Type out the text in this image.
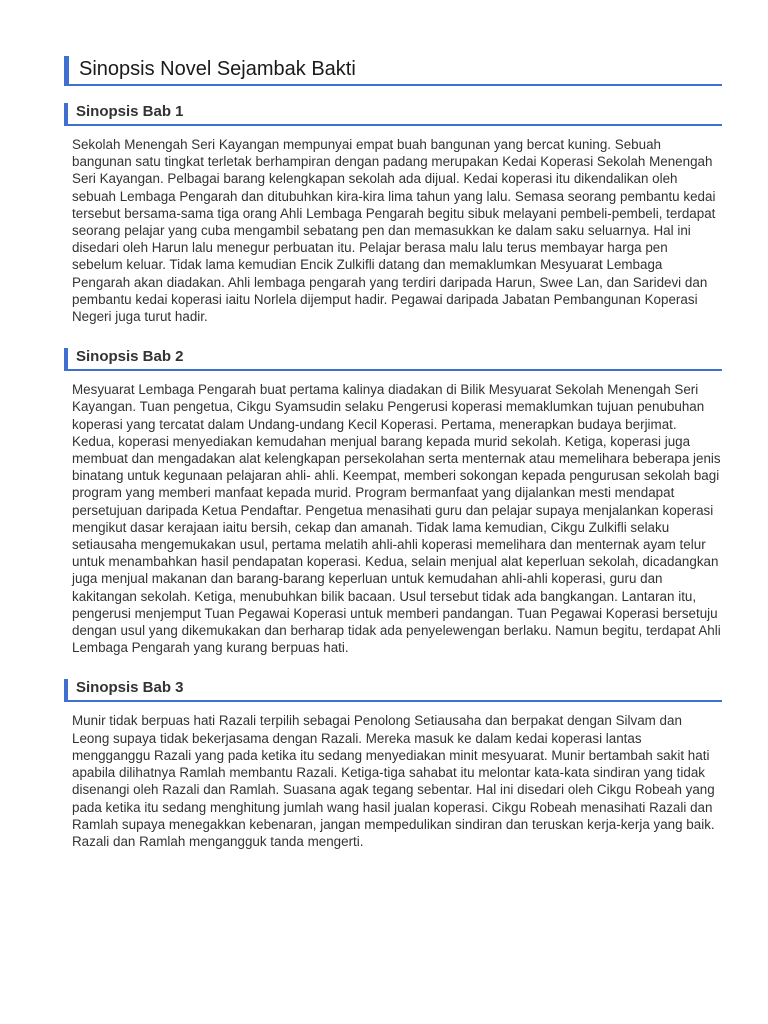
Sinopsis Novel Sejambak Bakti
Sinopsis Bab 1

Sekolah Menengah Seri Kayangan mempunyai empat buah bangunan yang bercat kuning. Sebuah bangunan satu tingkat terletak berhampiran dengan padang merupakan Kedai Koperasi Sekolah Menengah Seri Kayangan. Pelbagai barang kelengkapan sekolah ada dijual. Kedai koperasi itu dikendalikan oleh sebuah Lembaga Pengarah dan ditubuhkan kira-kira lima tahun yang lalu. Semasa seorang pembantu kedai tersebut bersama-sama tiga orang Ahli Lembaga Pengarah begitu sibuk melayani pembeli-pembeli, terdapat seorang pelajar yang cuba mengambil sebatang pen dan memasukkan ke dalam saku seluarnya. Hal ini disedari oleh Harun lalu menegur perbuatan itu. Pelajar berasa malu lalu terus membayar harga pen sebelum keluar. Tidak lama kemudian Encik Zulkifli datang dan memaklumkan Mesyuarat Lembaga Pengarah akan diadakan. Ahli lembaga pengarah yang terdiri daripada Harun, Swee Lan, dan Saridevi dan pembantu kedai koperasi iaitu Norlela dijemput hadir. Pegawai daripada Jabatan Pembangunan Koperasi Negeri juga turut hadir.

Sinopsis Bab 2

Mesyuarat Lembaga Pengarah buat pertama kalinya diadakan di Bilik Mesyuarat Sekolah Menengah Seri Kayangan. Tuan pengetua, Cikgu Syamsudin selaku Pengerusi koperasi memaklumkan tujuan penubuhan koperasi yang tercatat dalam Undang-undang Kecil Koperasi. Pertama, menerapkan budaya berjimat. Kedua, koperasi menyediakan kemudahan menjual barang kepada murid sekolah. Ketiga, koperasi juga membuat dan mengadakan alat kelengkapan persekolahan serta menternak atau memelihara beberapa jenis binatang untuk kegunaan pelajaran ahli- ahli. Keempat, memberi sokongan kepada pengurusan sekolah bagi program yang memberi manfaat kepada murid. Program bermanfaat yang dijalankan mesti mendapat persetujuan daripada Ketua Pendaftar. Pengetua menasihati guru dan pelajar supaya menjalankan koperasi mengikut dasar kerajaan iaitu bersih, cekap dan amanah. Tidak lama kemudian, Cikgu Zulkifli selaku setiausaha mengemukakan usul, pertama melatih ahli-ahli koperasi memelihara dan menternak ayam telur untuk menambahkan hasil pendapatan koperasi. Kedua, selain menjual alat keperluan sekolah, dicadangkan juga menjual makanan dan barang-barang keperluan untuk kemudahan ahli-ahli koperasi, guru dan kakitangan sekolah. Ketiga, menubuhkan bilik bacaan. Usul tersebut tidak ada bangkangan. Lantaran itu, pengerusi menjemput Tuan Pegawai Koperasi untuk memberi pandangan. Tuan Pegawai Koperasi bersetuju dengan usul yang dikemukakan dan berharap tidak ada penyelewengan berlaku. Namun begitu, terdapat Ahli Lembaga Pengarah yang kurang berpuas hati.

Sinopsis Bab 3

Munir tidak berpuas hati Razali terpilih sebagai Penolong Setiausaha dan berpakat dengan Silvam dan Leong supaya tidak bekerjasama dengan Razali. Mereka masuk ke dalam kedai koperasi lantas mengganggu Razali yang pada ketika itu sedang menyediakan minit mesyuarat. Munir bertambah sakit hati apabila dilihatnya Ramlah membantu Razali. Ketiga-tiga sahabat itu melontar kata-kata sindiran yang tidak disenangi oleh Razali dan Ramlah. Suasana agak tegang sebentar. Hal ini disedari oleh Cikgu Robeah yang pada ketika itu sedang menghitung jumlah wang hasil jualan koperasi. Cikgu Robeah menasihati Razali dan Ramlah supaya menegakkan kebenaran, jangan mempedulikan sindiran dan teruskan kerja-kerja yang baik. Razali dan Ramlah mengangguk tanda mengerti.
